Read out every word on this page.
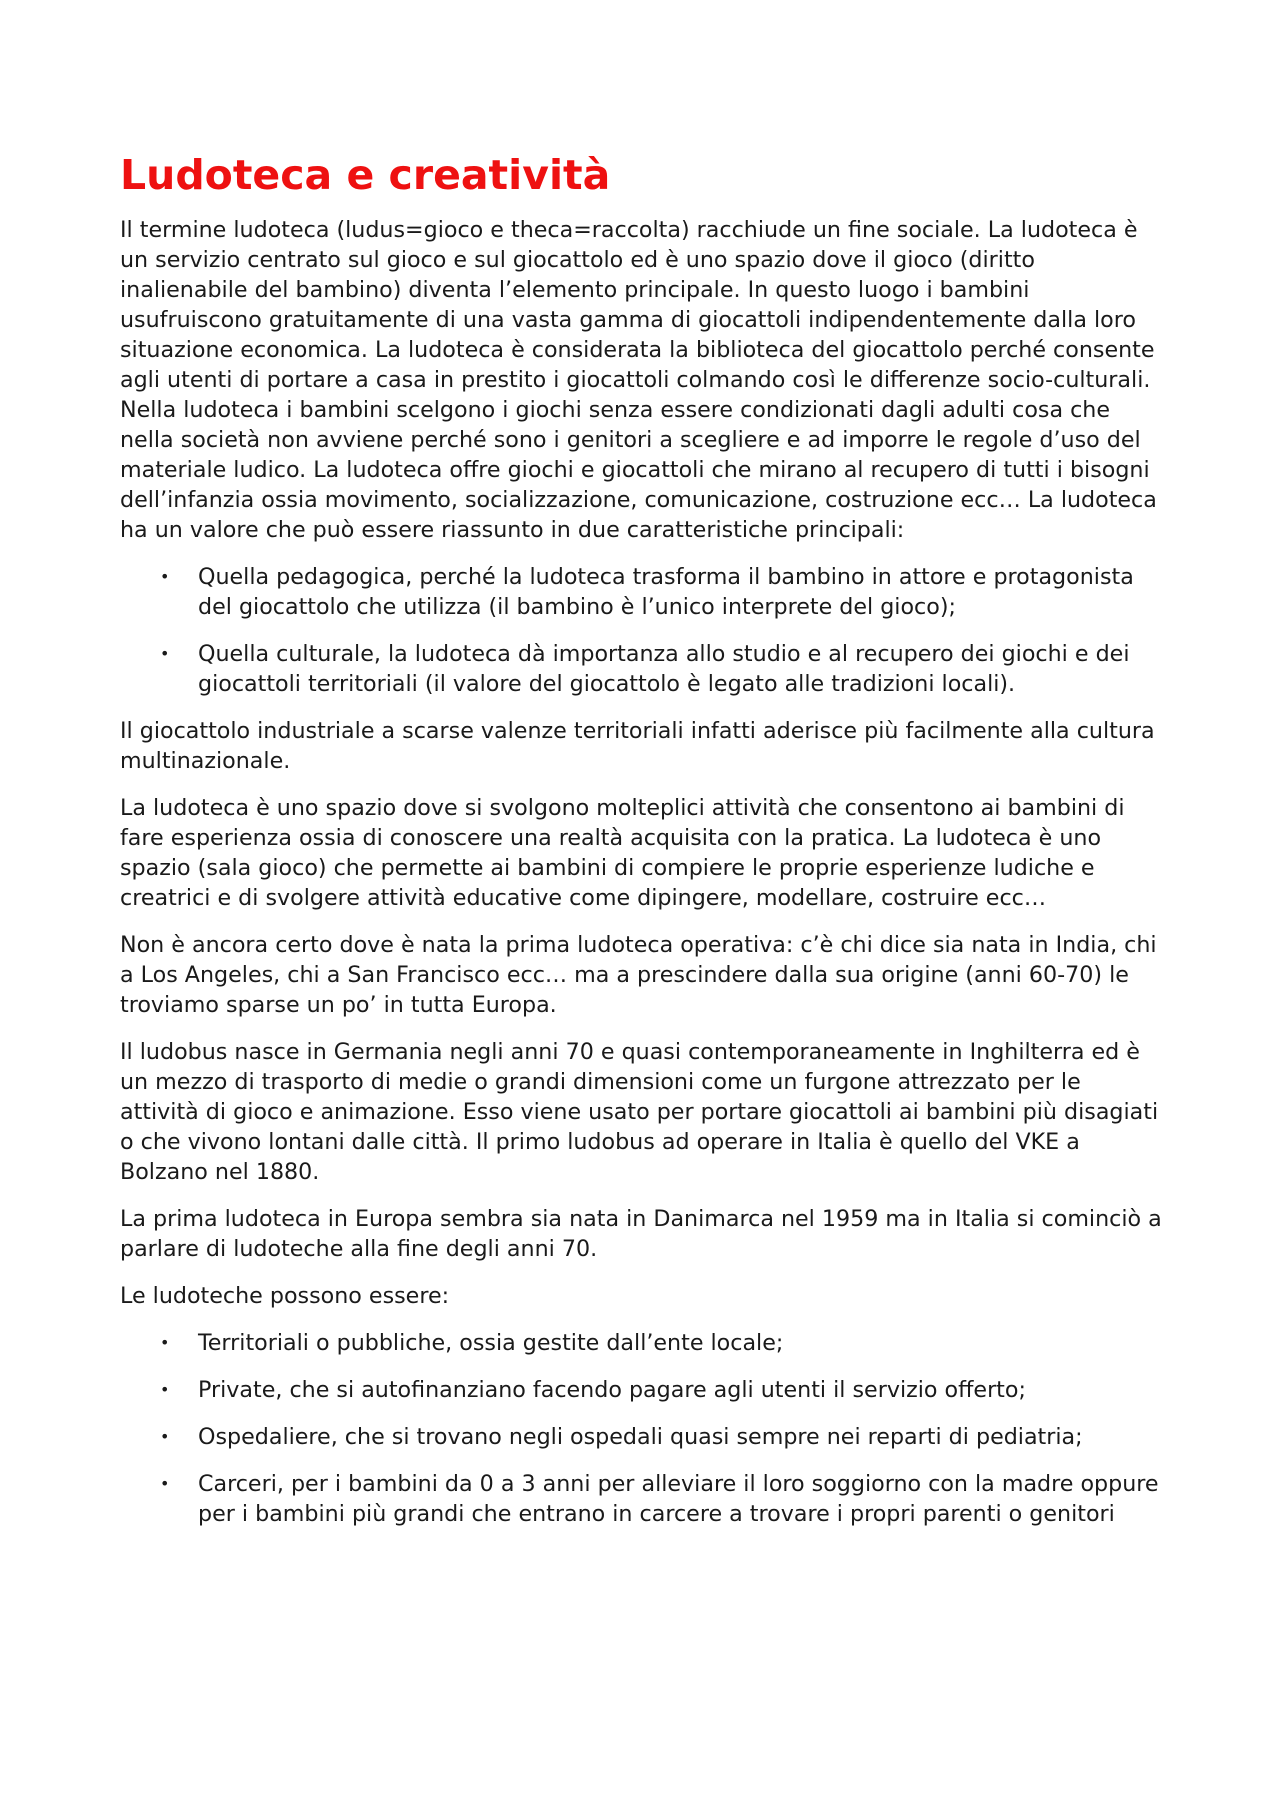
Ludoteca e creatività

Il termine ludoteca (ludus=gioco e theca=raccolta) racchiude un fine sociale. La ludoteca è un servizio centrato sul gioco e sul giocattolo ed è uno spazio dove il gioco (diritto inalienabile del bambino) diventa l’elemento principale. In questo luogo i bambini usufruiscono gratuitamente di una vasta gamma di giocattoli indipendentemente dalla loro situazione economica. La ludoteca è considerata la biblioteca del giocattolo perché consente agli utenti di portare a casa in prestito i giocattoli colmando così le differenze socio-culturali. Nella ludoteca i bambini scelgono i giochi senza essere condizionati dagli adulti cosa che nella società non avviene perché sono i genitori a scegliere e ad imporre le regole d’uso del materiale ludico. La ludoteca offre giochi e giocattoli che mirano al recupero di tutti i bisogni dell’infanzia ossia movimento, socializzazione, comunicazione, costruzione ecc… La ludoteca ha un valore che può essere riassunto in due caratteristiche principali:

•	Quella pedagogica, perché la ludoteca trasforma il bambino in attore e protagonista del giocattolo che utilizza (il bambino è l’unico interprete del gioco);
•	Quella culturale, la ludoteca dà importanza allo studio e al recupero dei giochi e dei giocattoli territoriali (il valore del giocattolo è legato alle tradizioni locali).

Il giocattolo industriale a scarse valenze territoriali infatti aderisce più facilmente alla cultura multinazionale.

La ludoteca è uno spazio dove si svolgono molteplici attività che consentono ai bambini di fare esperienza ossia di conoscere una realtà acquisita con la pratica. La ludoteca è uno spazio (sala gioco) che permette ai bambini di compiere le proprie esperienze ludiche e creatrici e di svolgere attività educative come dipingere, modellare, costruire ecc…

Non è ancora certo dove è nata la prima ludoteca operativa: c’è chi dice sia nata in India, chi a Los Angeles, chi a San Francisco ecc… ma a prescindere dalla sua origine (anni 60-70) le troviamo sparse un po’ in tutta Europa.

Il ludobus nasce in Germania negli anni 70 e quasi contemporaneamente in Inghilterra ed è un mezzo di trasporto di medie o grandi dimensioni come un furgone attrezzato per le attività di gioco e animazione. Esso viene usato per portare giocattoli ai bambini più disagiati o che vivono lontani dalle città. Il primo ludobus ad operare in Italia è quello del VKE a Bolzano nel 1880.

La prima ludoteca in Europa sembra sia nata in Danimarca nel 1959 ma in Italia si cominciò a parlare di ludoteche alla fine degli anni 70.

Le ludoteche possono essere:

•	Territoriali o pubbliche, ossia gestite dall’ente locale;
•	Private, che si autofinanziano facendo pagare agli utenti il servizio offerto;
•	Ospedaliere, che si trovano negli ospedali quasi sempre nei reparti di pediatria;
•	Carceri, per i bambini da 0 a 3 anni per alleviare il loro soggiorno con la madre oppure per i bambini più grandi che entrano in carcere a trovare i propri parenti o genitori
